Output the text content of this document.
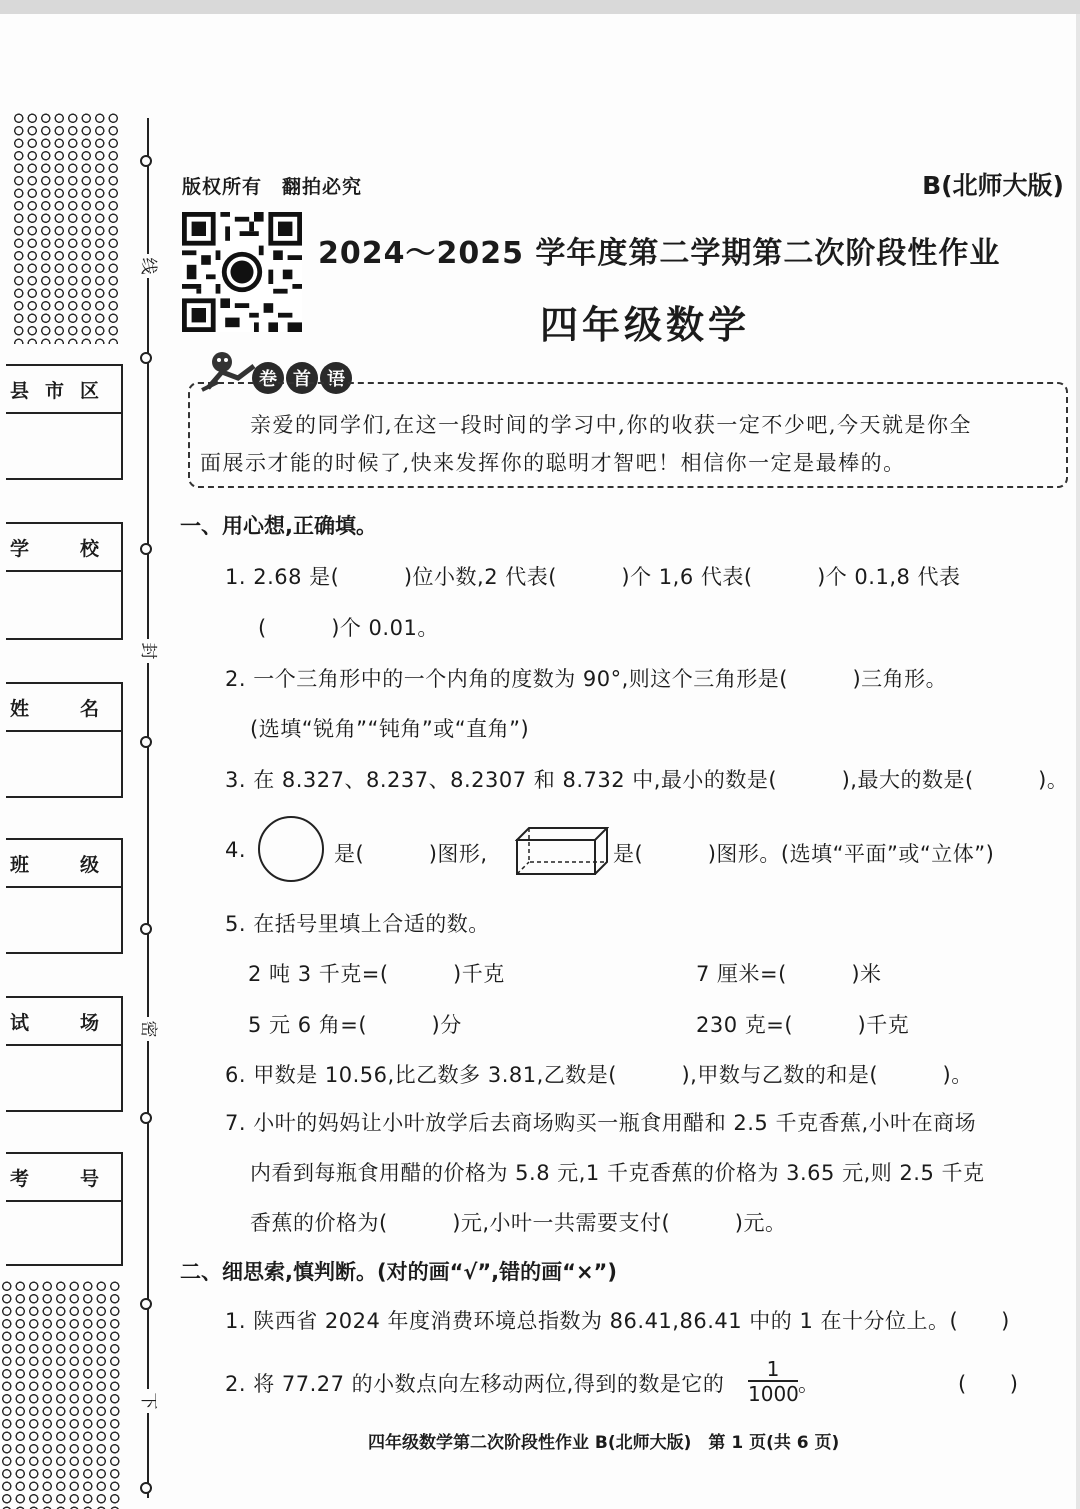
线
封
密
下
县 市 区
学	校
姓	名
班	级
试	场
考	号
版权所有　翻拍必究	B(北师大版)
2024～2025 学年度第二学期第二次阶段性作业
四年级数学
卷 首 语
亲爱的同学们,在这一段时间的学习中,你的收获一定不少吧,今天就是你全
面展示才能的时候了,快来发挥你的聪明才智吧！相信你一定是最棒的。
一、用心想,正确填。
1. 2.68 是(　　　)位小数,2 代表(　　　)个 1,6 代表(　　　)个 0.1,8 代表
(　　　)个 0.01。
2. 一个三角形中的一个内角的度数为 90°,则这个三角形是(　　　)三角形。
(选填“锐角”“钝角”或“直角”)
3. 在 8.327、8.237、8.2307 和 8.732 中,最小的数是(　　　),最大的数是(　　　)。
4.	是(　　　)图形,	是(　　　)图形。(选填“平面”或“立体”)
5. 在括号里填上合适的数。
2 吨 3 千克=(　　　)千克	7 厘米=(　　　)米
5 元 6 角=(　　　)分	230 克=(　　　)千克
6. 甲数是 10.56,比乙数多 3.81,乙数是(　　　),甲数与乙数的和是(　　　)。
7. 小叶的妈妈让小叶放学后去商场购买一瓶食用醋和 2.5 千克香蕉,小叶在商场
内看到每瓶食用醋的价格为 5.8 元,1 千克香蕉的价格为 3.65 元,则 2.5 千克
香蕉的价格为(　　　)元,小叶一共需要支付(　　　)元。
二、细思索,慎判断。(对的画“√”,错的画“×”)
1. 陕西省 2024 年度消费环境总指数为 86.41,86.41 中的 1 在十分位上。(　　)
2. 将 77.27 的小数点向左移动两位,得到的数是它的 $\frac{1}{1000}$ 。	(　　)
四年级数学第二次阶段性作业 B(北师大版)　第 1 页(共 6 页)
